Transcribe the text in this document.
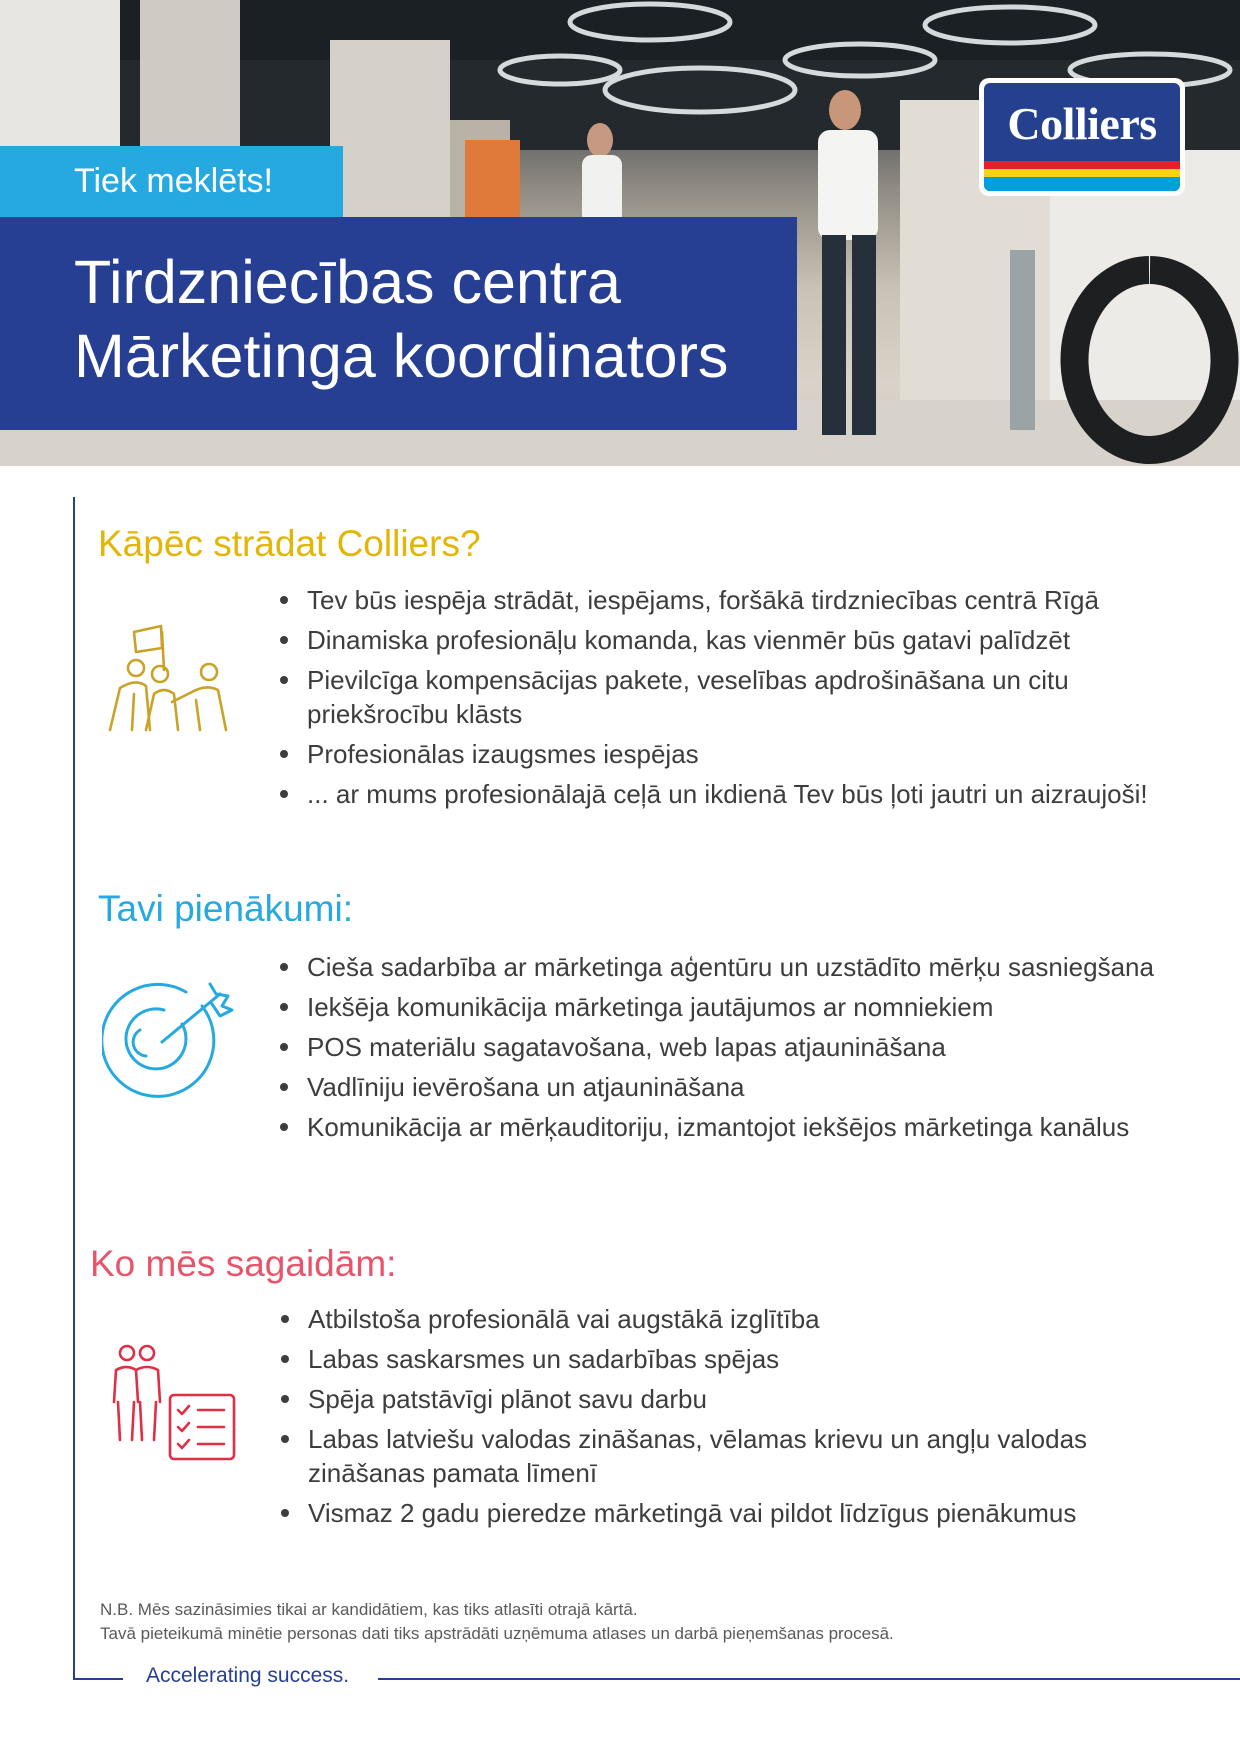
Tiek meklēts!
Tirdzniecības centra
Mārketinga koordinators
Colliers
Kāpēc strādat Colliers?
Tev būs iespēja strādāt, iespējams, foršākā tirdzniecības centrā Rīgā
Dinamiska profesionāļu komanda, kas vienmēr būs gatavi palīdzēt
Pievilcīga kompensācijas pakete, veselības apdrošināšana un citu priekšrocību klāsts
Profesionālas izaugsmes iespējas
... ar mums profesionālajā ceļā un ikdienā Tev būs ļoti jautri un aizraujoši!
Tavi pienākumi:
Cieša sadarbība ar mārketinga aģentūru un uzstādīto mērķu sasniegšana
Iekšēja komunikācija mārketinga jautājumos ar nomniekiem
POS materiālu sagatavošana, web lapas atjaunināšana
Vadlīniju ievērošana un atjaunināšana
Komunikācija ar mērķauditoriju, izmantojot iekšējos mārketinga kanālus
Ko mēs sagaidām:
Atbilstoša profesionālā vai augstākā izglītība
Labas saskarsmes un sadarbības spējas
Spēja patstāvīgi plānot savu darbu
Labas latviešu valodas zināšanas, vēlamas krievu un angļu valodas zināšanas pamata līmenī
Vismaz 2 gadu pieredze mārketingā vai pildot līdzīgus pienākumus
N.B. Mēs sazināsimies tikai ar kandidātiem, kas tiks atlasīti otrajā kārtā.
Tavā pieteikumā minētie personas dati tiks apstrādāti uzņēmuma atlases un darbā pieņemšanas procesā.
Accelerating success.
